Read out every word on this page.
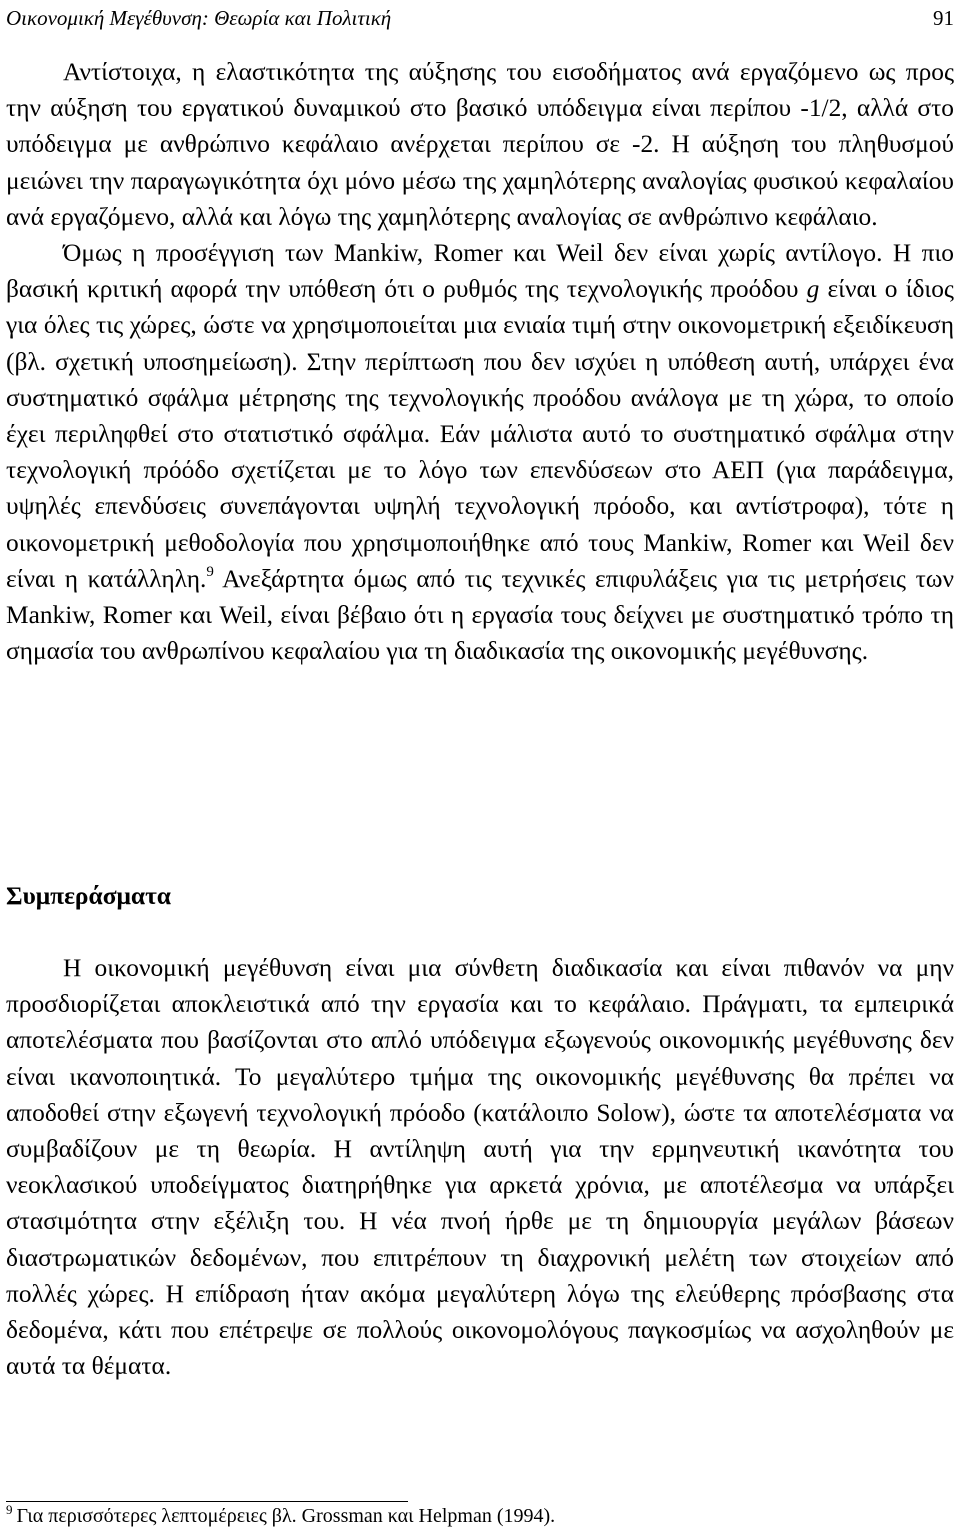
Οικονομική Μεγέθυνση: Θεωρία και Πολιτική	91

Αντίστοιχα, η ελαστικότητα της αύξησης του εισοδήματος ανά εργαζόμενο ως προς την αύξηση του εργατικού δυναμικού στο βασικό υπόδειγμα είναι περίπου -1/2, αλλά στο υπόδειγμα με ανθρώπινο κεφάλαιο ανέρχεται περίπου σε -2. Η αύξηση του πληθυσμού μειώνει την παραγωγικότητα όχι μόνο μέσω της χαμηλότερης αναλογίας φυσικού κεφαλαίου ανά εργαζόμενο, αλλά και λόγω της χαμηλότερης αναλογίας σε ανθρώπινο κεφάλαιο.

Όμως η προσέγγιση των Mankiw, Romer και Weil δεν είναι χωρίς αντίλογο. Η πιο βασική κριτική αφορά την υπόθεση ότι ο ρυθμός της τεχνολογικής προόδου g είναι ο ίδιος για όλες τις χώρες, ώστε να χρησιμοποιείται μια ενιαία τιμή στην οικονομετρική εξειδίκευση (βλ. σχετική υποσημείωση). Στην περίπτωση που δεν ισχύει η υπόθεση αυτή, υπάρχει ένα συστηματικό σφάλμα μέτρησης της τεχνολογικής προόδου ανάλογα με τη χώρα, το οποίο έχει περιληφθεί στο στατιστικό σφάλμα. Εάν μάλιστα αυτό το συστηματικό σφάλμα στην τεχνολογική πρόόδο σχετίζεται με το λόγο των επενδύσεων στο ΑΕΠ (για παράδειγμα, υψηλές επενδύσεις συνεπάγονται υψηλή τεχνολογική πρόοδο, και αντίστροφα), τότε η οικονομετρική μεθοδολογία που χρησιμοποιήθηκε από τους Mankiw, Romer και Weil δεν είναι η κατάλληλη.$^9$ Ανεξάρτητα όμως από τις τεχνικές επιφυλάξεις για τις μετρήσεις των Mankiw, Romer και Weil, είναι βέβαιο ότι η εργασία τους δείχνει με συστηματικό τρόπο τη σημασία του ανθρωπίνου κεφαλαίου για τη διαδικασία της οικονομικής μεγέθυνσης.

Συμπεράσματα

Η οικονομική μεγέθυνση είναι μια σύνθετη διαδικασία και είναι πιθανόν να μην προσδιορίζεται αποκλειστικά από την εργασία και το κεφάλαιο. Πράγματι, τα εμπειρικά αποτελέσματα που βασίζονται στο απλό υπόδειγμα εξωγενούς οικονομικής μεγέθυνσης δεν είναι ικανοποιητικά. Το μεγαλύτερο τμήμα της οικονομικής μεγέθυνσης θα πρέπει να αποδοθεί στην εξωγενή τεχνολογική πρόοδο (κατάλοιπο Solow), ώστε τα αποτελέσματα να συμβαδίζουν με τη θεωρία. Η αντίληψη αυτή για την ερμηνευτική ικανότητα του νεοκλασικού υποδείγματος διατηρήθηκε για αρκετά χρόνια, με αποτέλεσμα να υπάρξει στασιμότητα στην εξέλιξη του. Η νέα πνοή ήρθε με τη δημιουργία μεγάλων βάσεων διαστρωματικών δεδομένων, που επιτρέπουν τη διαχρονική μελέτη των στοιχείων από πολλές χώρες. Η επίδραση ήταν ακόμα μεγαλύτερη λόγω της ελεύθερης πρόσβασης στα δεδομένα, κάτι που επέτρεψε σε πολλούς οικονομολόγους παγκοσμίως να ασχοληθούν με αυτά τα θέματα.

$^9$ Για περισσότερες λεπτομέρειες βλ. Grossman και Helpman (1994).
